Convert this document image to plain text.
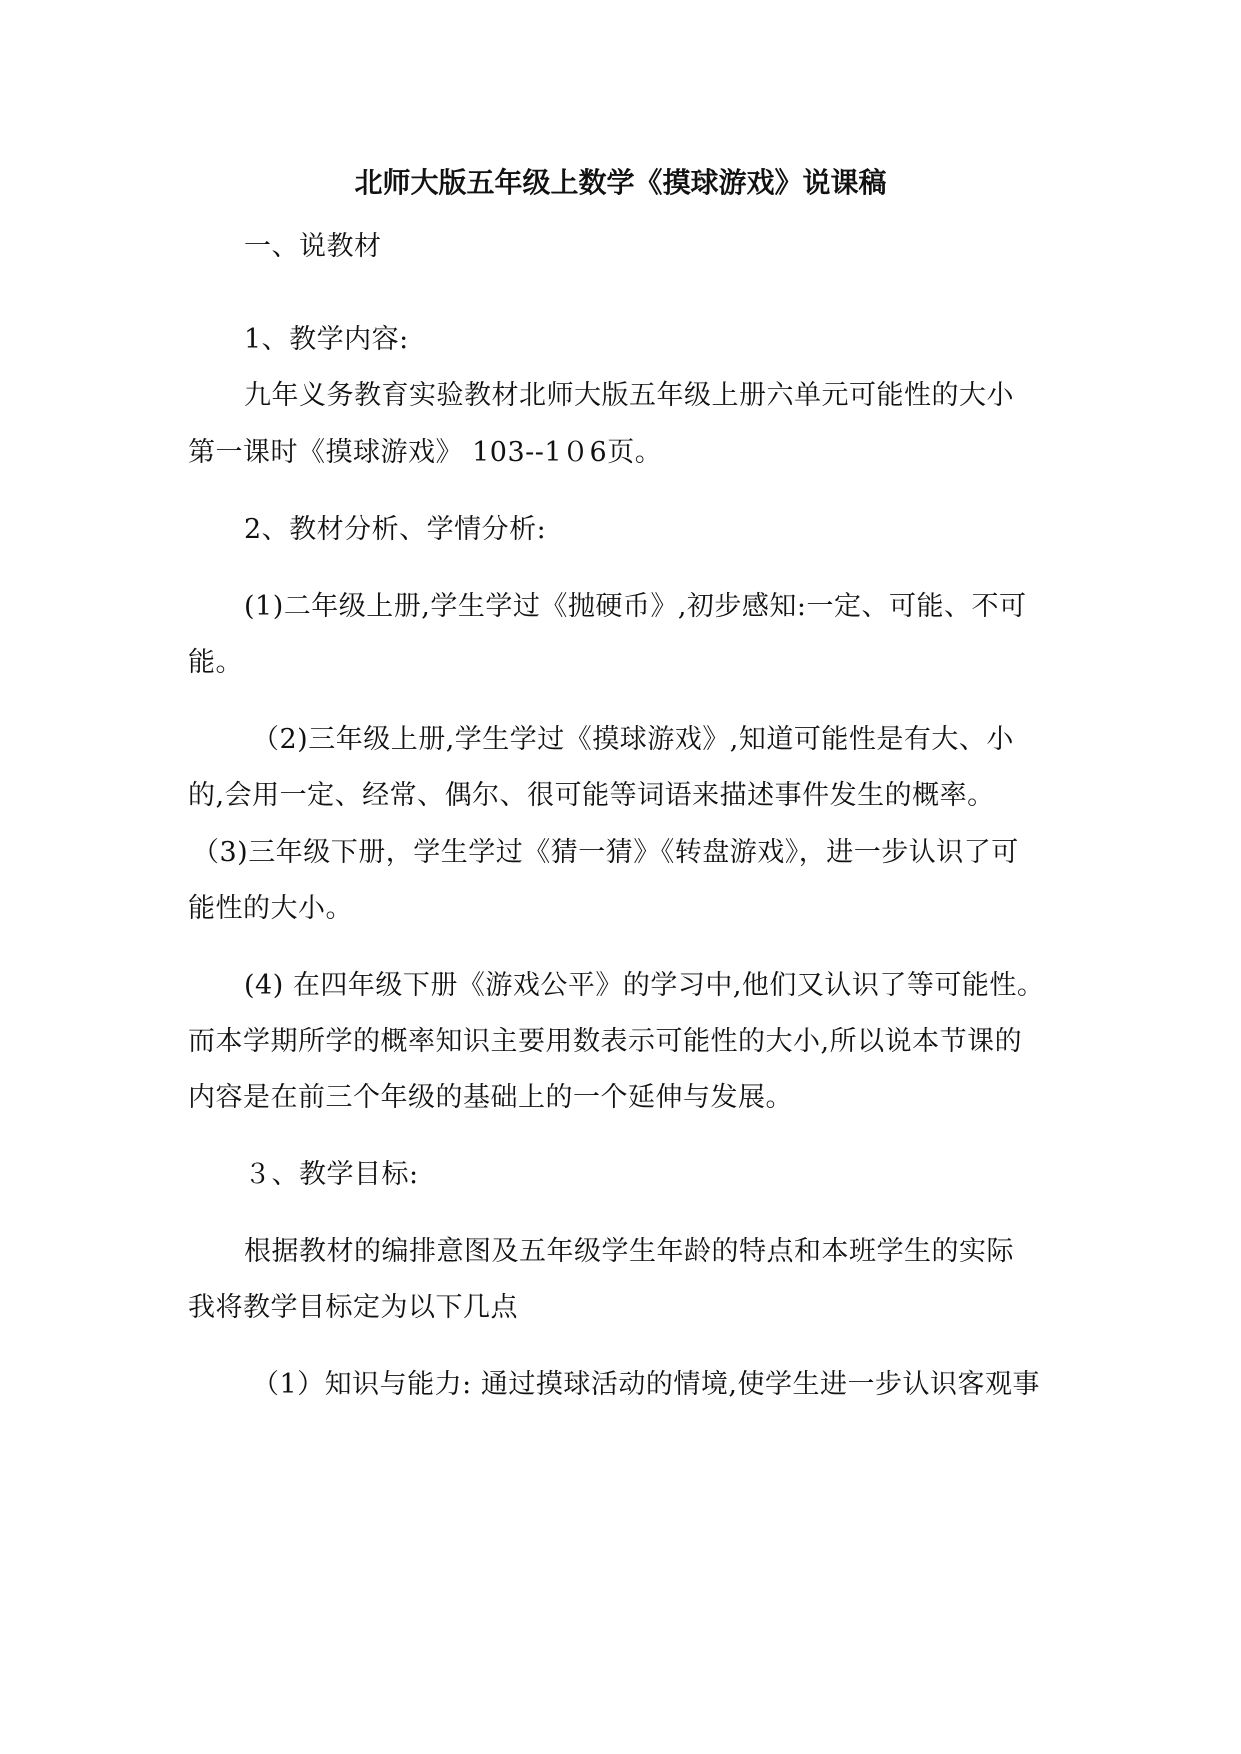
北师大版五年级上数学《摸球游戏》说课稿
一、说教材
1、教学内容:
九年义务教育实验教材北师大版五年级上册六单元可能性的大小
第一课时《摸球游戏》 103--1０6页。
2、教材分析、学情分析:
(1)二年级上册,学生学过《抛硬币》,初步感知:一定、可能、不可
能。
（2)三年级上册,学生学过《摸球游戏》,知道可能性是有大、小
的,会用一定、经常、偶尔、很可能等词语来描述事件发生的概率。
（3)三年级下册，学生学过《猜一猜》《转盘游戏》，进一步认识了可
能性的大小。
(4) 在四年级下册《游戏公平》的学习中,他们又认识了等可能性。
而本学期所学的概率知识主要用数表示可能性的大小,所以说本节课的
内容是在前三个年级的基础上的一个延伸与发展。
３、教学目标:
根据教材的编排意图及五年级学生年龄的特点和本班学生的实际
我将教学目标定为以下几点
（1）知识与能力: 通过摸球活动的情境,使学生进一步认识客观事
